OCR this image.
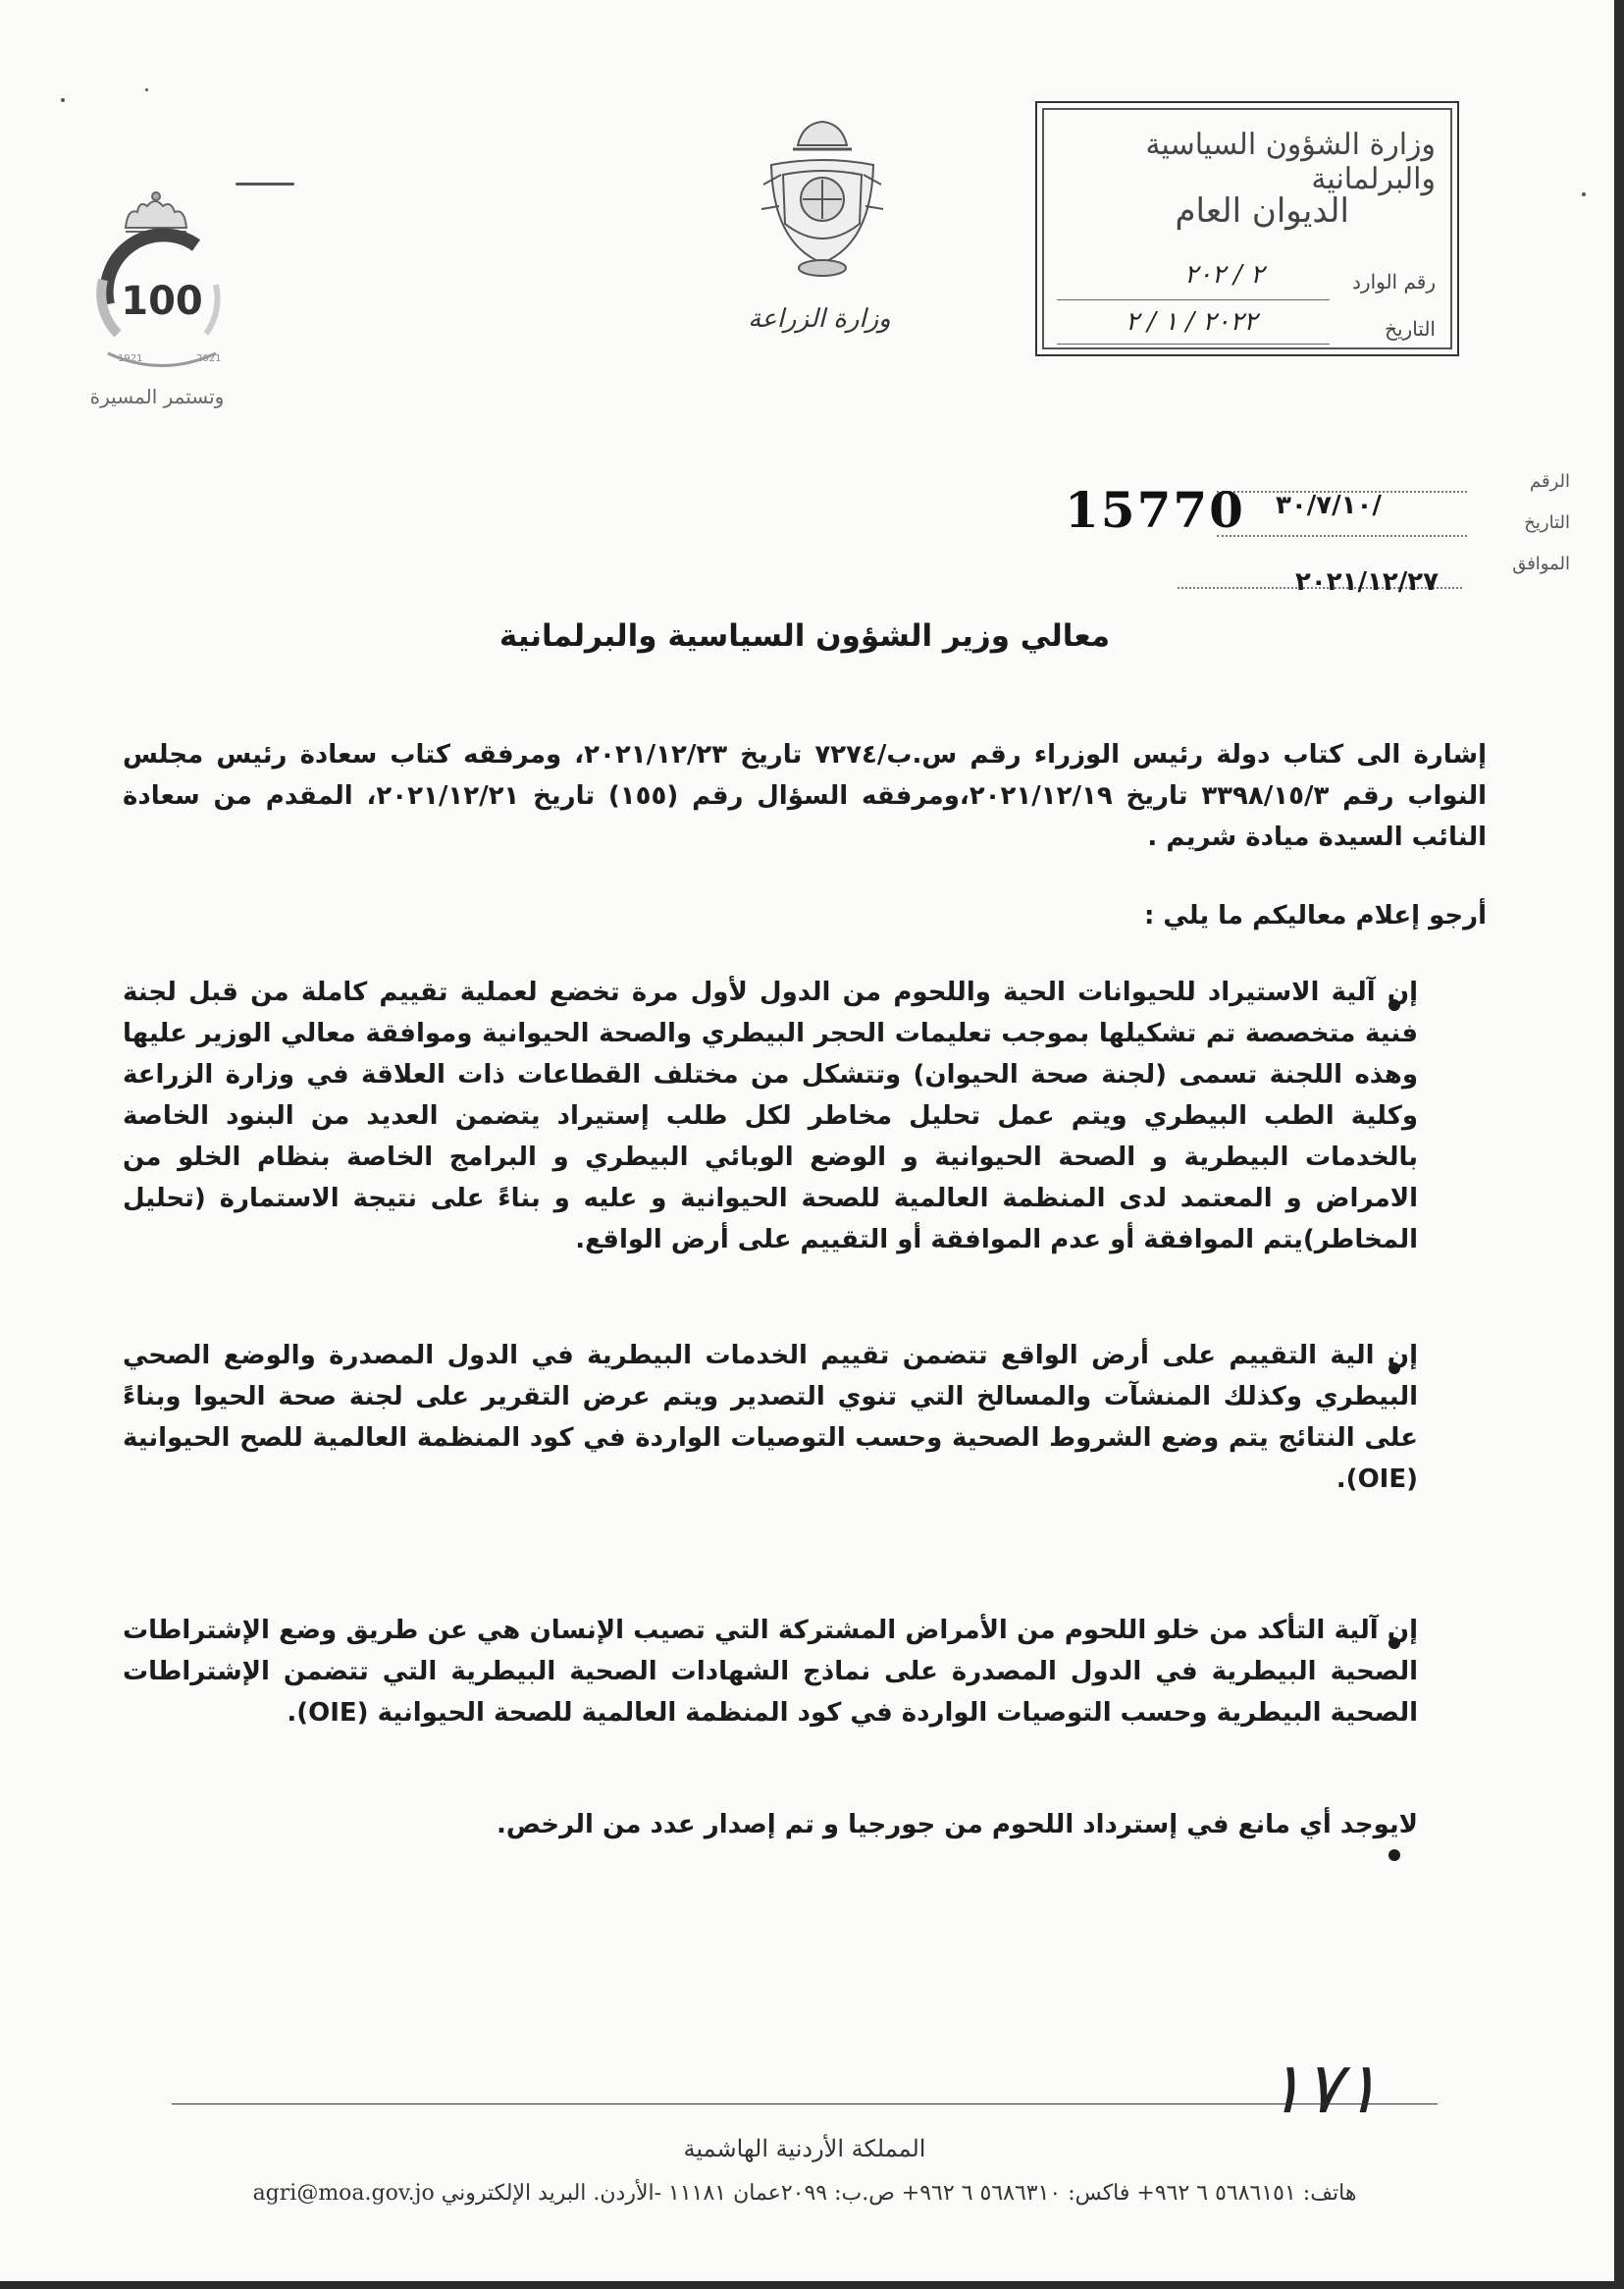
100
1921	2021
وتستمر المسيرة
وزارة الزراعة
وزارة الشؤون السياسية والبرلمانية
الديوان العام
رقم الوارد
التاريخ
٢ / ٢٠٢
٢٠٢٢ / ١ / ٢
الرقم
التاريخ
الموافق
15770 /٣٠/٧/١٠
٢٠٢١/١٢/٢٧
معالي وزير الشؤون السياسية والبرلمانية
إشارة الى كتاب دولة رئيس الوزراء رقم س.ب/٧٢٧٤ تاريخ ٢٠٢١/١٢/٢٣، ومرفقه كتاب سعادة رئيس مجلس النواب رقم ٣٣٩٨/١٥/٣ تاريخ ٢٠٢١/١٢/١٩،ومرفقه السؤال رقم (١٥٥) تاريخ ٢٠٢١/١٢/٢١، المقدم من سعادة النائب السيدة ميادة شريم .
أرجو إعلام معاليكم ما يلي :
إن آلية الاستيراد للحيوانات الحية واللحوم من الدول لأول مرة تخضع لعملية تقييم كاملة من قبل لجنة فنية متخصصة تم تشكيلها بموجب تعليمات الحجر البيطري والصحة الحيوانية وموافقة معالي الوزير عليها وهذه اللجنة تسمى (لجنة صحة الحيوان) وتتشكل من مختلف القطاعات ذات العلاقة في وزارة الزراعة وكلية الطب البيطري ويتم عمل تحليل مخاطر لكل طلب إستيراد يتضمن العديد من البنود الخاصة بالخدمات البيطرية و الصحة الحيوانية و الوضع الوبائي البيطري و البرامج الخاصة بنظام الخلو من الامراض و المعتمد لدى المنظمة العالمية للصحة الحيوانية و عليه و بناءً على نتيجة الاستمارة (تحليل المخاطر)يتم الموافقة أو عدم الموافقة أو التقييم على أرض الواقع.
إن الية التقييم على أرض الواقع تتضمن تقييم الخدمات البيطرية في الدول المصدرة والوضع الصحي البيطري وكذلك المنشآت والمسالخ التي تنوي التصدير ويتم عرض التقرير على لجنة صحة الحيوا وبناءً على النتائج يتم وضع الشروط الصحية وحسب التوصيات الواردة في كود المنظمة العالمية للصح الحيوانية (OIE).
إن آلية التأكد من خلو اللحوم من الأمراض المشتركة التي تصيب الإنسان هي عن طريق وضع الإشتراطات الصحية البيطرية في الدول المصدرة على نماذج الشهادات الصحية البيطرية التي تتضمن الإشتراطات الصحية البيطرية وحسب التوصيات الواردة في كود المنظمة العالمية للصحة الحيوانية (OIE).
لايوجد أي مانع في إسترداد اللحوم من جورجيا و تم إصدار عدد من الرخص.
١٧١
المملكة الأردنية الهاشمية
هاتف: ٥٦٨٦١٥١ ٦ ٩٦٢+ فاكس: ٥٦٨٦٣١٠ ٦ ٩٦٢+ ص.ب: ٢٠٩٩عمان ١١١٨١ -الأردن. البريد الإلكتروني agri@moa.gov.jo
